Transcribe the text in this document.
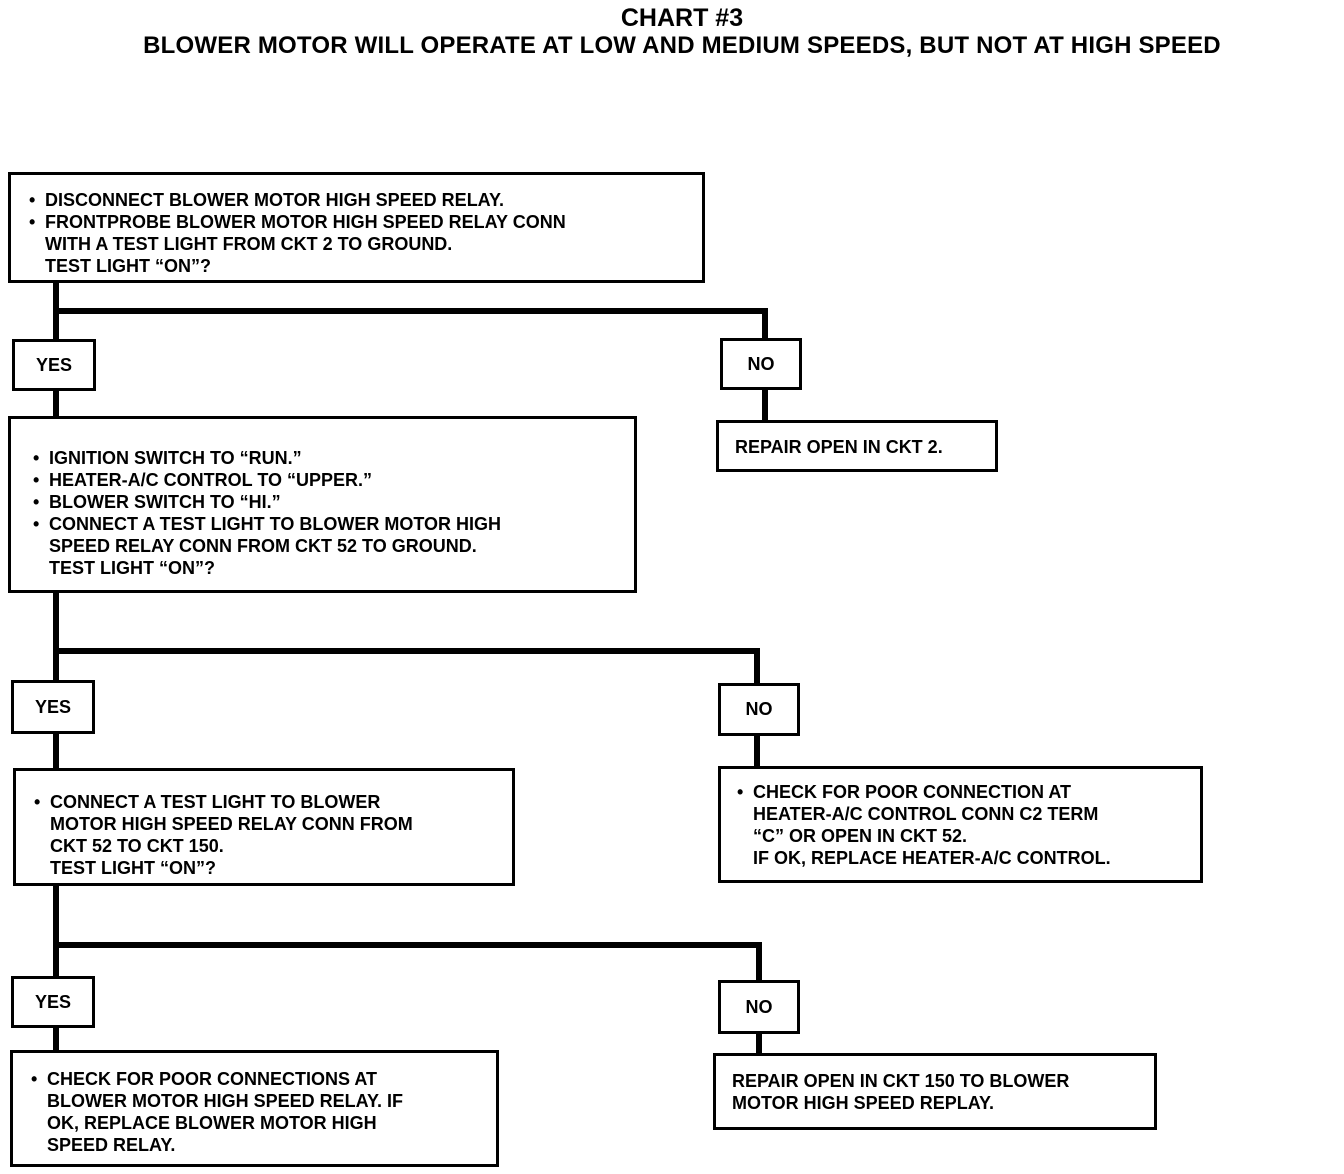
CHART #3
BLOWER MOTOR WILL OPERATE AT LOW AND MEDIUM SPEEDS, BUT NOT AT HIGH SPEED
• DISCONNECT BLOWER MOTOR HIGH SPEED RELAY.
• FRONTPROBE BLOWER MOTOR HIGH SPEED RELAY CONN
WITH A TEST LIGHT FROM CKT 2 TO GROUND.
TEST LIGHT “ON”?
YES	NO
REPAIR OPEN IN CKT 2.
• IGNITION SWITCH TO “RUN.”
• HEATER-A/C CONTROL TO “UPPER.”
• BLOWER SWITCH TO “HI.”
• CONNECT A TEST LIGHT TO BLOWER MOTOR HIGH
SPEED RELAY CONN FROM CKT 52 TO GROUND.
TEST LIGHT “ON”?
YES	NO
• CHECK FOR POOR CONNECTION AT
HEATER-A/C CONTROL CONN C2 TERM
“C” OR OPEN IN CKT 52.
IF OK, REPLACE HEATER-A/C CONTROL.
• CONNECT A TEST LIGHT TO BLOWER
MOTOR HIGH SPEED RELAY CONN FROM
CKT 52 TO CKT 150.
TEST LIGHT “ON”?
YES	NO
• CHECK FOR POOR CONNECTIONS AT
BLOWER MOTOR HIGH SPEED RELAY. IF
OK, REPLACE BLOWER MOTOR HIGH
SPEED RELAY.
REPAIR OPEN IN CKT 150 TO BLOWER
MOTOR HIGH SPEED REPLAY.
